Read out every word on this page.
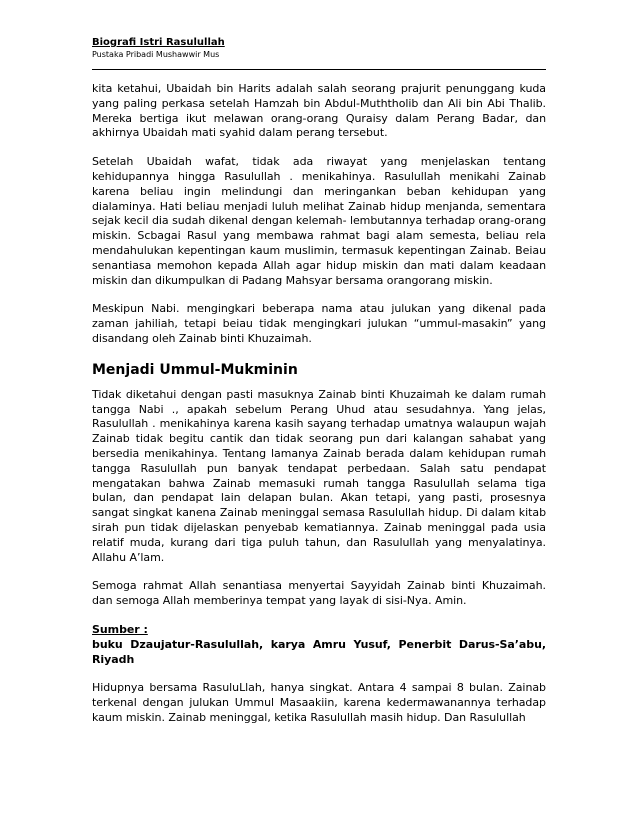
Biografi Istri Rasulullah
Pustaka Pribadi Mushawwir Mus

kita ketahui, Ubaidah bin Harits adalah salah seorang prajurit penunggang kuda yang paling perkasa setelah Hamzah bin Abdul-Muththolib dan Ali bin Abi Thalib. Mereka bertiga ikut melawan orang-orang Quraisy dalam Perang Badar, dan akhirnya Ubaidah mati syahid dalam perang tersebut.

Setelah Ubaidah wafat, tidak ada riwayat yang menjelaskan tentang kehidupannya hingga Rasulullah . menikahinya. Rasulullah menikahi Zainab karena beliau ingin melindungi dan meringankan beban kehidupan yang dialaminya. Hati beliau menjadi luluh melihat Zainab hidup menjanda, sementara sejak kecil dia sudah dikenal dengan kelemah- lembutannya terhadap orang-orang miskin. Scbagai Rasul yang membawa rahmat bagi alam semesta, beliau rela mendahulukan kepentingan kaum muslimin, termasuk kepentingan Zainab. Beiau senantiasa memohon kepada Allah agar hidup miskin dan mati dalam keadaan miskin dan dikumpulkan di Padang Mahsyar bersama orangorang miskin.

Meskipun Nabi. mengingkari beberapa nama atau julukan yang dikenal pada zaman jahiliah, tetapi beiau tidak mengingkari julukan “ummul-masakin” yang disandang oleh Zainab binti Khuzaimah.

Menjadi Ummul-Mukminin

Tidak diketahui dengan pasti masuknya Zainab binti Khuzaimah ke dalam rumah tangga Nabi ., apakah sebelum Perang Uhud atau sesudahnya. Yang jelas, Rasulullah . menikahinya karena kasih sayang terhadap umatnya walaupun wajah Zainab tidak begitu cantik dan tidak seorang pun dari kalangan sahabat yang bersedia menikahinya. Tentang lamanya Zainab berada dalam kehidupan rumah tangga Rasulullah pun banyak tendapat perbedaan. Salah satu pendapat mengatakan bahwa Zainab memasuki rumah tangga Rasulullah selama tiga bulan, dan pendapat lain delapan bulan. Akan tetapi, yang pasti, prosesnya sangat singkat kanena Zainab meninggal semasa Rasulullah hidup. Di dalam kitab sirah pun tidak dijelaskan penyebab kematiannya. Zainab meninggal pada usia relatif muda, kurang dari tiga puluh tahun, dan Rasulullah yang menyalatinya. Allahu A’lam.

Semoga rahmat Allah senantiasa menyertai Sayyidah Zainab binti Khuzaimah. dan semoga Allah memberinya tempat yang layak di sisi-Nya. Amin.

Sumber :
buku Dzaujatur-Rasulullah, karya Amru Yusuf, Penerbit Darus-Sa’abu, Riyadh

Hidupnya bersama RasuluLlah, hanya singkat. Antara 4 sampai 8 bulan. Zainab terkenal dengan julukan Ummul Masaakiin, karena kedermawanannya terhadap kaum miskin. Zainab meninggal, ketika Rasulullah masih hidup. Dan Rasulullah
